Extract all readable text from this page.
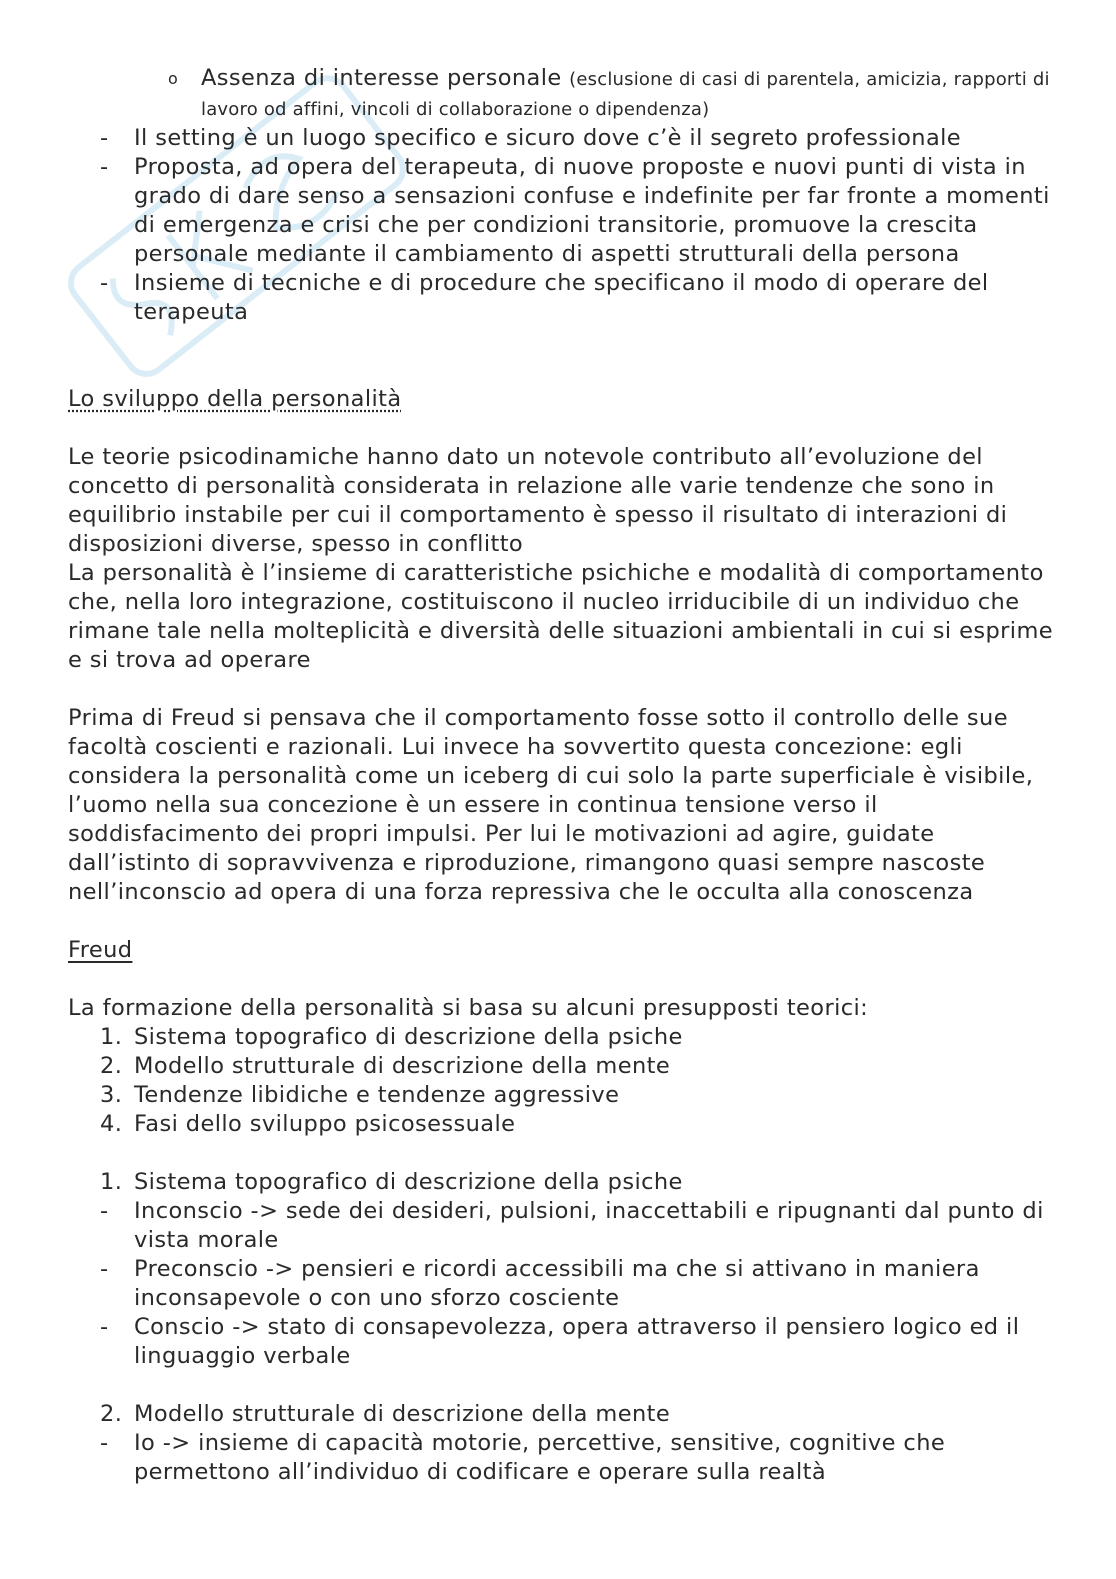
o Assenza di interesse personale (esclusione di casi di parentela, amicizia, rapporti di lavoro od affini, vincoli di collaborazione o dipendenza)
- Il setting è un luogo specifico e sicuro dove c’è il segreto professionale
- Proposta, ad opera del terapeuta, di nuove proposte e nuovi punti di vista in grado di dare senso a sensazioni confuse e indefinite per far fronte a momenti di emergenza e crisi che per condizioni transitorie, promuove la crescita personale mediante il cambiamento di aspetti strutturali della persona
- Insieme di tecniche e di procedure che specificano il modo di operare del terapeuta

Lo sviluppo della personalità

Le teorie psicodinamiche hanno dato un notevole contributo all’evoluzione del concetto di personalità considerata in relazione alle varie tendenze che sono in equilibrio instabile per cui il comportamento è spesso il risultato di interazioni di disposizioni diverse, spesso in conflitto

La personalità è l’insieme di caratteristiche psichiche e modalità di comportamento che, nella loro integrazione, costituiscono il nucleo irriducibile di un individuo che rimane tale nella molteplicità e diversità delle situazioni ambientali in cui si esprime e si trova ad operare

Prima di Freud si pensava che il comportamento fosse sotto il controllo delle sue facoltà coscienti e razionali. Lui invece ha sovvertito questa concezione: egli considera la personalità come un iceberg di cui solo la parte superficiale è visibile, l’uomo nella sua concezione è un essere in continua tensione verso il soddisfacimento dei propri impulsi. Per lui le motivazioni ad agire, guidate dall’istinto di sopravvivenza e riproduzione, rimangono quasi sempre nascoste nell’inconscio ad opera di una forza repressiva che le occulta alla conoscenza

Freud

La formazione della personalità si basa su alcuni presupposti teorici:

1. Sistema topografico di descrizione della psiche
2. Modello strutturale di descrizione della mente
3. Tendenze libidiche e tendenze aggressive
4. Fasi dello sviluppo psicosessuale
1. Sistema topografico di descrizione della psiche
- Inconscio -> sede dei desideri, pulsioni, inaccettabili e ripugnanti dal punto di vista morale
- Preconscio -> pensieri e ricordi accessibili ma che si attivano in maniera inconsapevole o con uno sforzo cosciente
- Conscio -> stato di consapevolezza, opera attraverso il pensiero logico ed il linguaggio verbale
2. Modello strutturale di descrizione della mente
- Io -> insieme di capacità motorie, percettive, sensitive, cognitive che permettono all’individuo di codificare e operare sulla realtà
